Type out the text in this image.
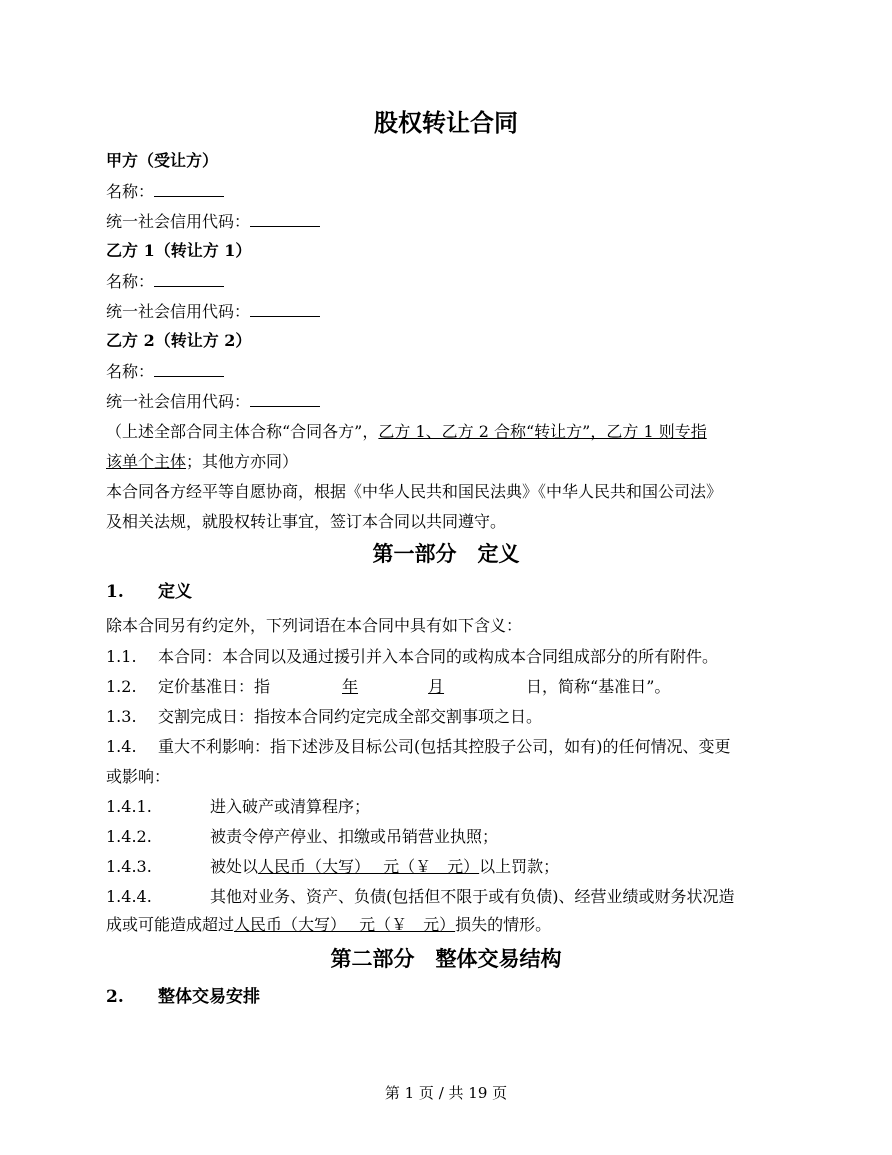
股权转让合同
甲方（受让方）
名称：
统一社会信用代码：
乙方 1（转让方 1）
名称：
统一社会信用代码：
乙方 2（转让方 2）
名称：
统一社会信用代码：
（上述全部合同主体合称“合同各方”，乙方 1、乙方 2 合称“转让方”，乙方 1 则专指
该单个主体；其他方亦同）
本合同各方经平等自愿协商，根据《中华人民共和国民法典》《中华人民共和国公司法》
及相关法规，就股权转让事宜，签订本合同以共同遵守。
第一部分　定义
1. 定义
除本合同另有约定外，下列词语在本合同中具有如下含义：
1.1. 本合同：本合同以及通过援引并入本合同的或构成本合同组成部分的所有附件。
1.2. 定价基准日：指	年	月	日，简称“基准日”。
1.3. 交割完成日：指按本合同约定完成全部交割事项之日。
1.4. 重大不利影响：指下述涉及目标公司(包括其控股子公司，如有)的任何情况、变更
或影响：
1.4.1.	进入破产或清算程序；
1.4.2.	被责令停产停业、扣缴或吊销营业执照；
1.4.3.	被处以人民币（大写）　 元（￥　元）以上罚款；
1.4.4.	其他对业务、资产、负债(包括但不限于或有负债)、经营业绩或财务状况造
成或可能造成超过人民币（大写）　 元（￥　元）损失的情形。
第二部分　整体交易结构
2. 整体交易安排
第 1 页 / 共 19 页
